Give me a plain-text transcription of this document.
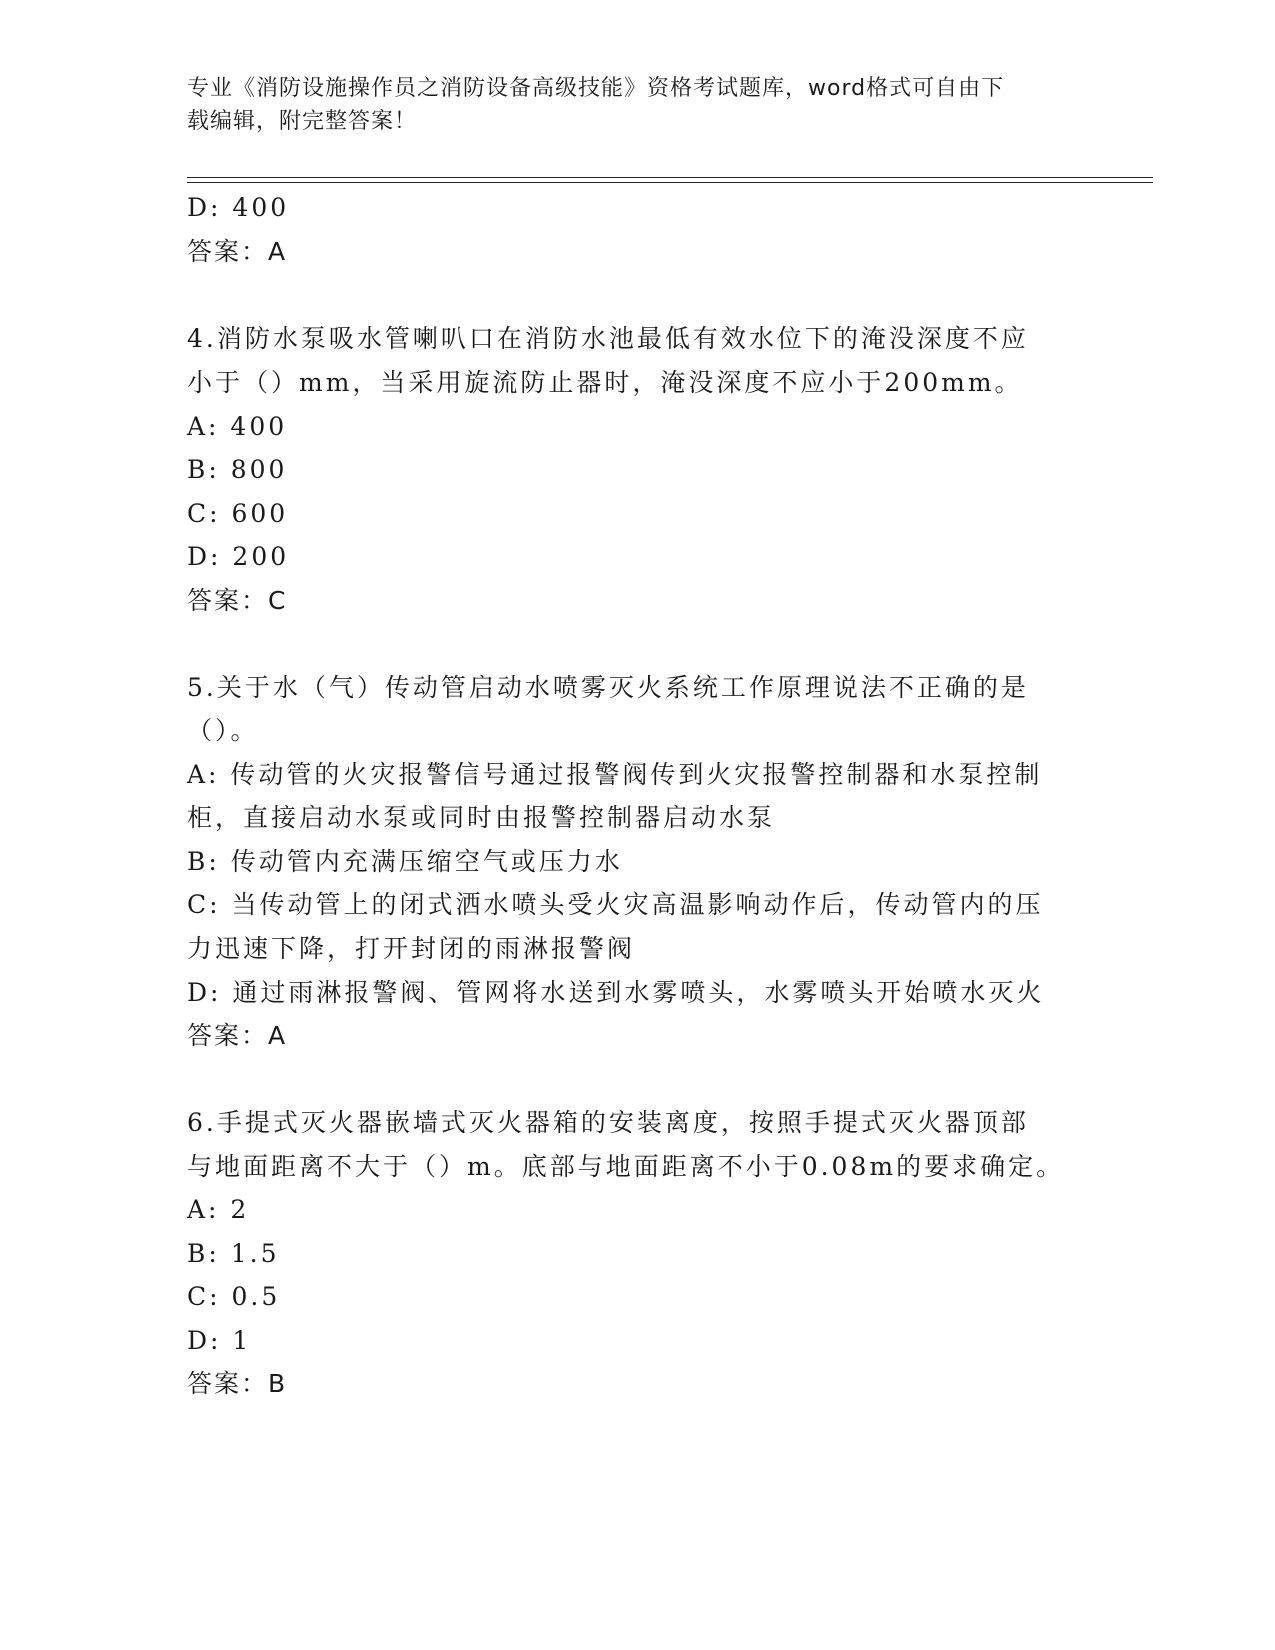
专业《消防设施操作员之消防设备高级技能》资格考试题库，word格式可自由下
载编辑，附完整答案！
D: 400
答案：A
4.消防水泵吸水管喇叭口在消防水池最低有效水位下的淹没深度不应
小于（）mm，当采用旋流防止器时，淹没深度不应小于200mm。
A: 400
B: 800
C: 600
D: 200
答案：C
5.关于水（气）传动管启动水喷雾灭火系统工作原理说法不正确的是
（）。
A: 传动管的火灾报警信号通过报警阀传到火灾报警控制器和水泵控制
柜，直接启动水泵或同时由报警控制器启动水泵
B: 传动管内充满压缩空气或压力水
C: 当传动管上的闭式洒水喷头受火灾高温影响动作后，传动管内的压
力迅速下降，打开封闭的雨淋报警阀
D: 通过雨淋报警阀、管网将水送到水雾喷头，水雾喷头开始喷水灭火
答案：A
6.手提式灭火器嵌墙式灭火器箱的安装离度，按照手提式灭火器顶部
与地面距离不大于（）m。底部与地面距离不小于0.08m的要求确定。
A: 2
B: 1.5
C: 0.5
D: 1
答案：B
